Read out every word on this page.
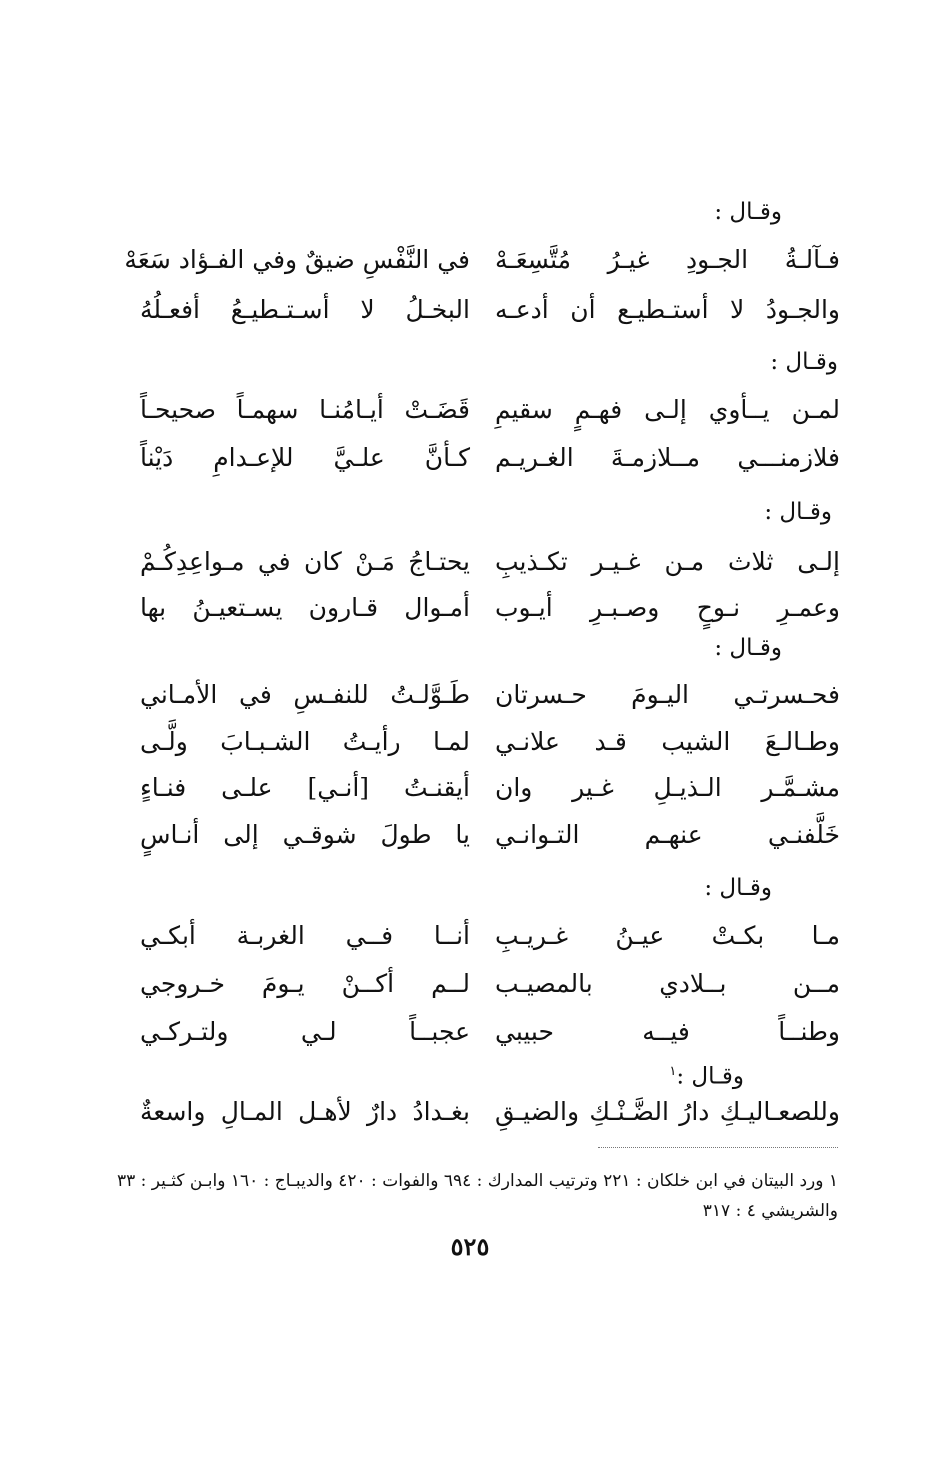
وقـال :
في النَّفْسِ ضيقٌ وفي الفـؤاد سَعَهْ فـآلـةُ الجـودِ غيـرُ مُتَّسِعَـهْ
البخـلُ لا أسـتـطيـعُ أفعـلُهُ والجـودُ لا أستـطيـع أن أدعـه
وقـال :
قَضَـتْ أيـامُنـا سهمـاً صحيحـاً لمـن يــأوي إلـى فهـمٍ سقيمِ
كـأنَّ علـيَّ للإعـدامِ دَيْناً فلازمنـــي مــلازمـةَ الغـريـم
وقـال :
يحتـاجُ مَـنْ كان في مـواعِدِكُـمْ إلـى ثلاث مـن غـيـر تكـذيبِ
أمـوال قـارون يسـتعيـنُ بها وعمـرِ نـوحٍ وصـبـرِ أيـوب
وقـال :
طَـوَّلـتُ للنفـسِ في الأمـاني فحـسرتـي اليـومَ حـسرتان
لمـا رأيـتُ الشـبـابَ ولَّـى وطـالـعَ الشيب قـد علانـي
أيقنـتُ [أنـي] علـى فنـاءٍ مشـمَّـر الـذيـلِ غـير وان
يا طولَ شوقـي إلى أنـاسٍ خَلَّفنـي عنهـم التـوانـي
وقـال :
أنــا فــي الغربـة أبكـي مـا بكـتْ عيـنُ غـريـبِ
لــم أكــنْ يـومَ خـروجي مــن بــلادي بالمصيـب
عجبــاً لـي ولتـركـي وطنــاً فيــه حبيبي
وقـال :$^١$
بغـدادُ دارٌ لأهـل المـالِ واسعةٌ وللصعـاليـكِ دارُ الضَّـنْـكِ والضيـقِ
١ ورد البيتان في ابن خلكان : ٢٢١ وترتيب المدارك : ٦٩٤ والفوات : ٤٢٠ والديبـاج : ١٦٠ وابـن كثـير : ٣٣
والشريشي ٤ : ٣١٧
٥٢٥
